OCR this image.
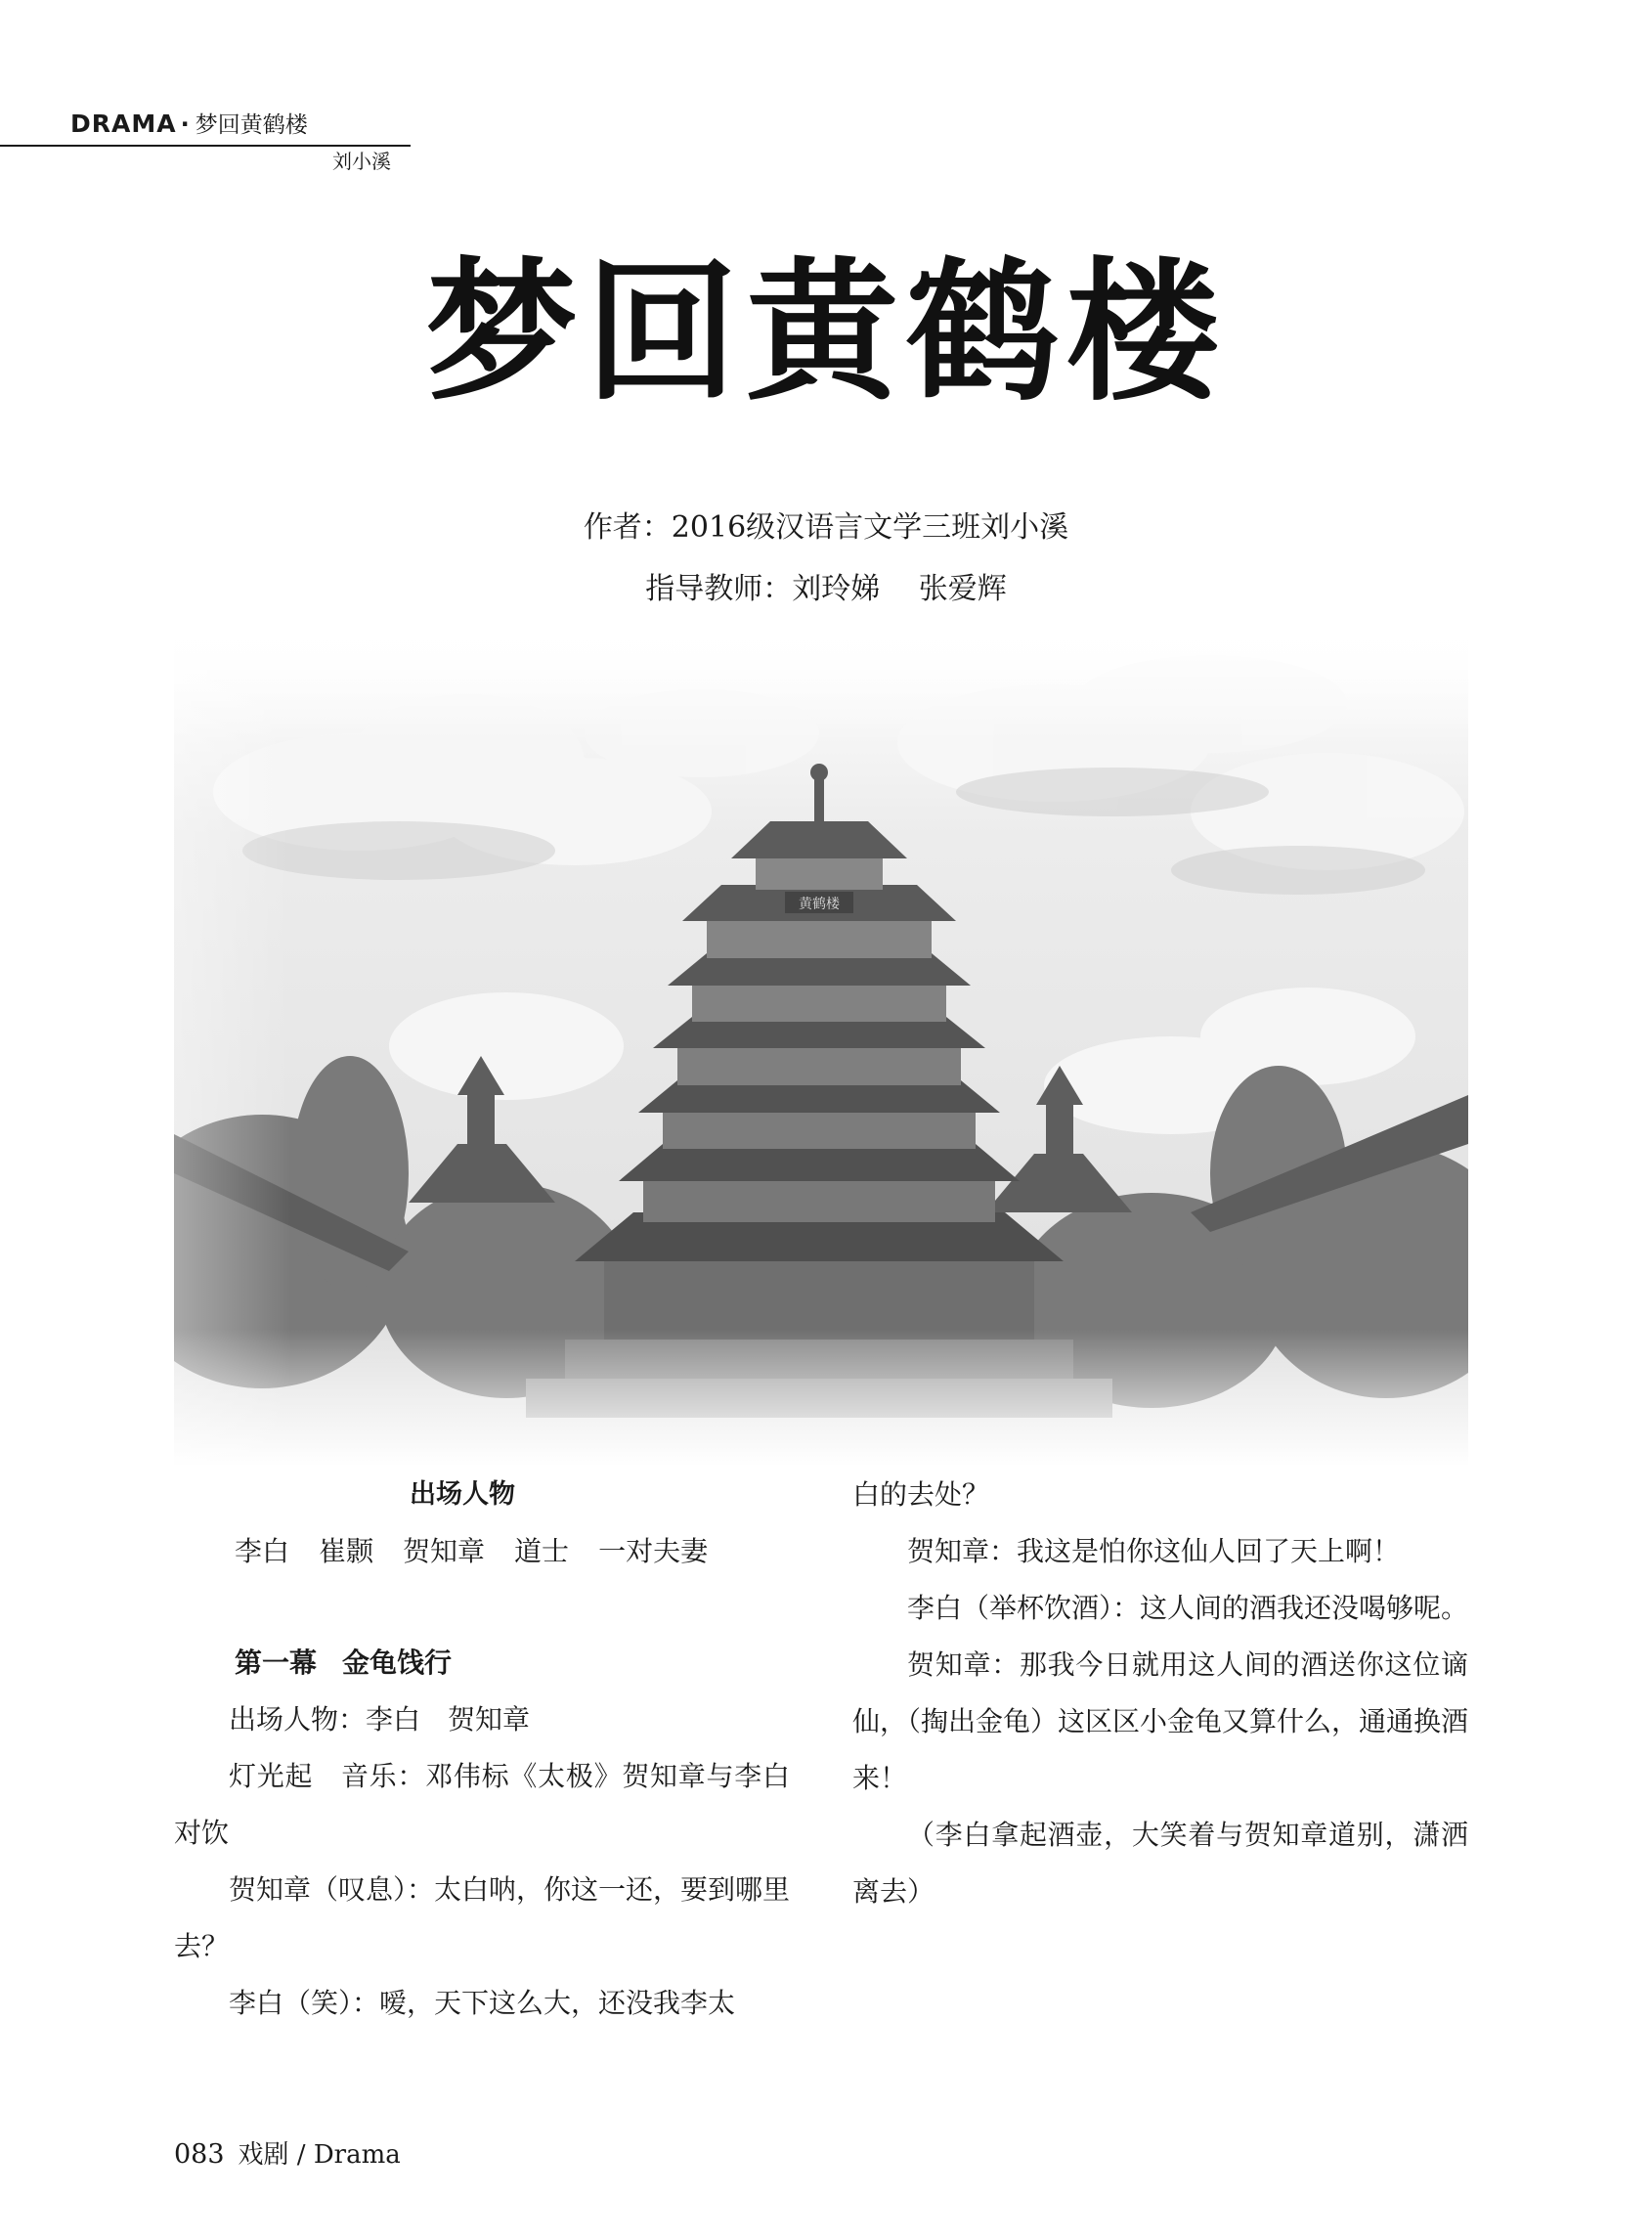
DRAMA · 梦回黄鹤楼
刘小溪
梦回黄鹤楼
作者：2016级汉语言文学三班刘小溪
指导教师：刘玲娣　 张爱辉
黄鹤楼
出场人物
李白 崔颢 贺知章 道士 一对夫妻
第一幕 金龟饯行

出场人物：李白　贺知章

灯光起　音乐：邓伟标《太极》贺知章与李白对饮

贺知章（叹息）：太白呐，你这一还，要到哪里去？

李白（笑）：嗳，天下这么大，还没我李太

白的去处？

贺知章：我这是怕你这仙人回了天上啊！

李白（举杯饮酒）：这人间的酒我还没喝够呢。

贺知章：那我今日就用这人间的酒送你这位谪仙，（掏出金龟）这区区小金龟又算什么，通通换酒来！

（李白拿起酒壶，大笑着与贺知章道别，潇洒离去）

083 戏剧 / Drama
